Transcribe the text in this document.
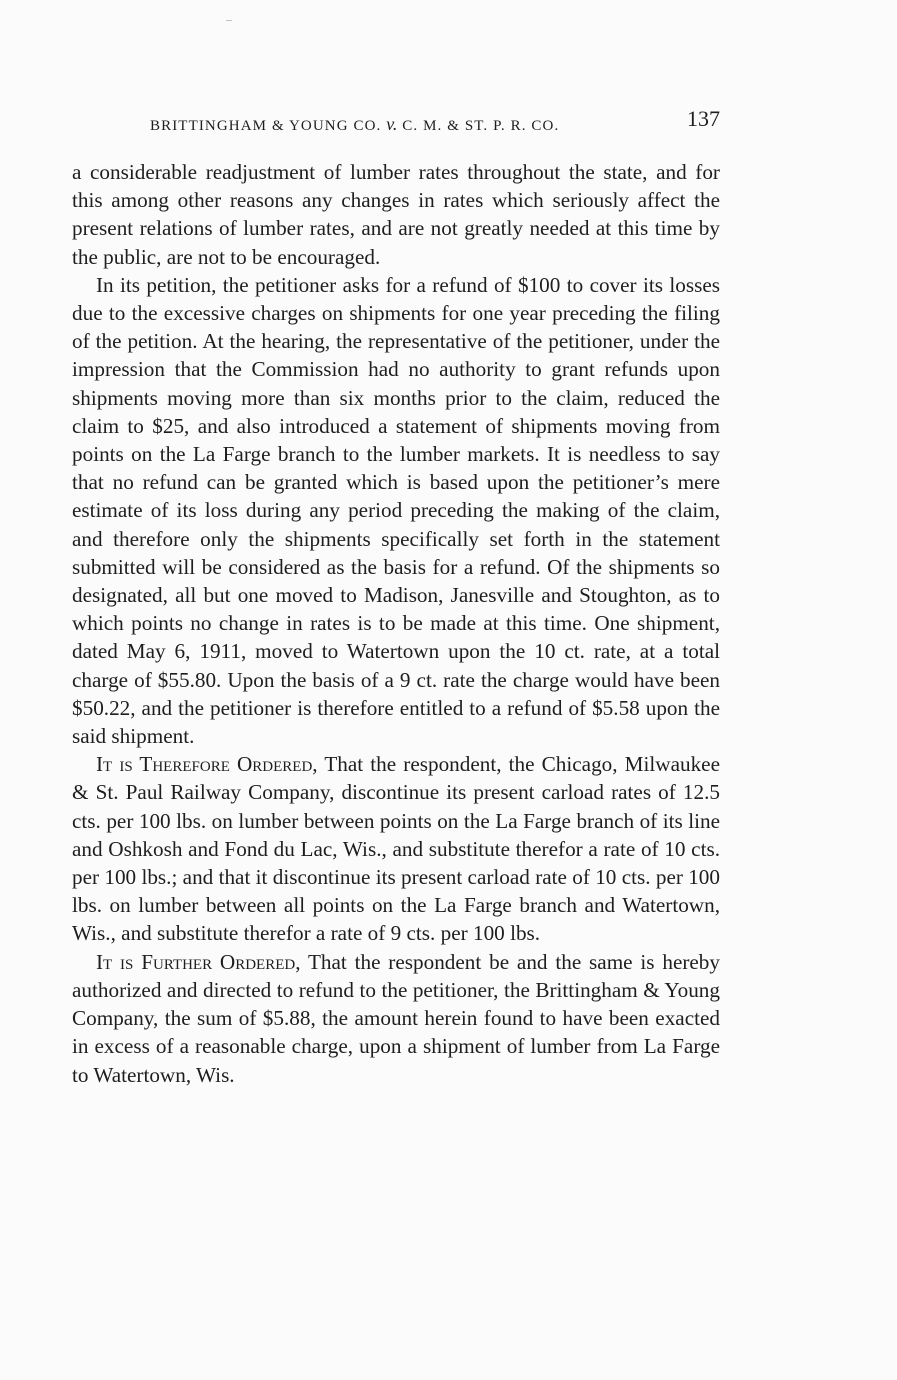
BRITTINGHAM & YOUNG CO. v. C. M. & ST. P. R. CO.	137

a considerable readjustment of lumber rates throughout the state, and for this among other reasons any changes in rates which seriously affect the present relations of lumber rates, and are not greatly needed at this time by the public, are not to be encouraged.

In its petition, the petitioner asks for a refund of $100 to cover its losses due to the excessive charges on shipments for one year preceding the filing of the petition. At the hearing, the representative of the petitioner, under the impression that the Commission had no authority to grant refunds upon shipments moving more than six months prior to the claim, reduced the claim to $25, and also introduced a statement of shipments moving from points on the La Farge branch to the lumber markets. It is needless to say that no refund can be granted which is based upon the petitioner’s mere estimate of its loss during any period preceding the making of the claim, and therefore only the shipments specifically set forth in the statement submitted will be considered as the basis for a refund. Of the shipments so designated, all but one moved to Madison, Janesville and Stoughton, as to which points no change in rates is to be made at this time. One shipment, dated May 6, 1911, moved to Watertown upon the 10 ct. rate, at a total charge of $55.80. Upon the basis of a 9 ct. rate the charge would have been $50.22, and the petitioner is therefore entitled to a refund of $5.58 upon the said shipment.

It is Therefore Ordered, That the respondent, the Chicago, Milwaukee & St. Paul Railway Company, discontinue its present carload rates of 12.5 cts. per 100 lbs. on lumber between points on the La Farge branch of its line and Oshkosh and Fond du Lac, Wis., and substitute therefor a rate of 10 cts. per 100 lbs.; and that it discontinue its present carload rate of 10 cts. per 100 lbs. on lumber between all points on the La Farge branch and Watertown, Wis., and substitute therefor a rate of 9 cts. per 100 lbs.

It is Further Ordered, That the respondent be and the same is hereby authorized and directed to refund to the petitioner, the Brittingham & Young Company, the sum of $5.88, the amount herein found to have been exacted in excess of a reasonable charge, upon a shipment of lumber from La Farge to Watertown, Wis.
